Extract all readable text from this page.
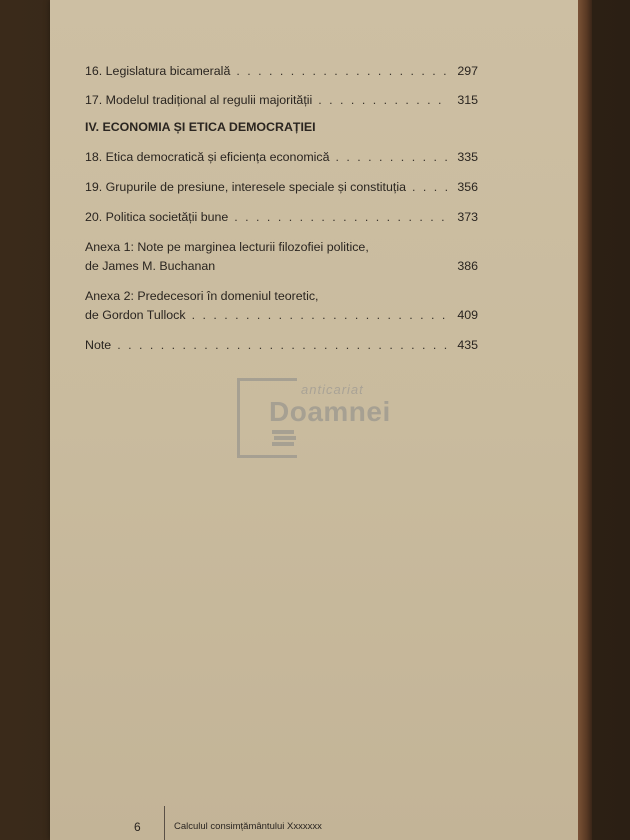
16. Legislatura bicamerală . . .	297
17. Modelul tradițional al regulii majorității . . .	315
IV. ECONOMIA ȘI ETICA DEMOCRAȚIEI
18. Etica democratică și eficiența economică . . .	335
19. Grupurile de presiune, interesele speciale și constituția . . .	356
20. Politica societății bune . . .	373
Anexa 1: Note pe marginea lecturii filozofiei politice,
de James M. Buchanan	386
Anexa 2: Predecesori în domeniul teoretic,
de Gordon Tullock . . .	409
Note . . .	435
anticariat
Doamnei
6	Calculul consimțământului Xxxxxxx
